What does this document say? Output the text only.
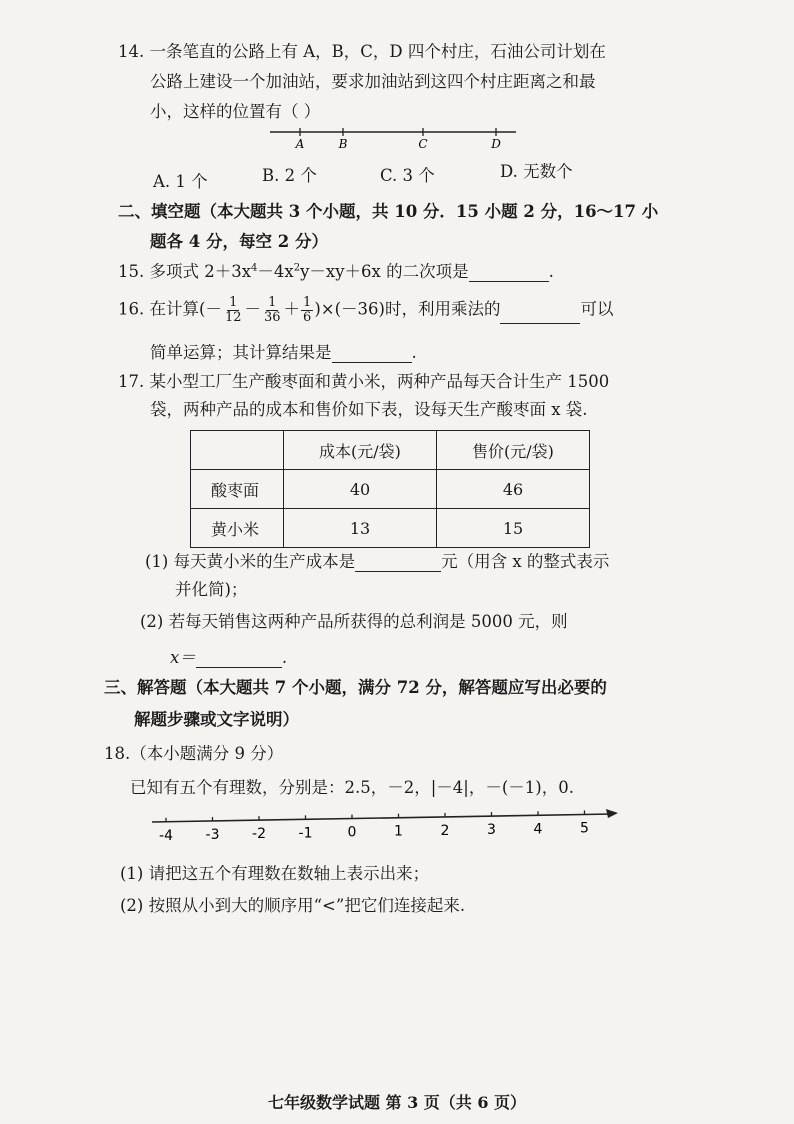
14. 一条笔直的公路上有 A，B，C，D 四个村庄，石油公司计划在
公路上建设一个加油站，要求加油站到这四个村庄距离之和最
小，这样的位置有（ ）
A	B	C	D
A. 1 个	B. 2 个	C. 3 个	D. 无数个
二、填空题（本大题共 3 个小题，共 10 分．15 小题 2 分，16～17 小
题各 4 分，每空 2 分）
15. 多项式 $2+3x^4-4x^2y-xy+6x$ 的二次项是	.
16. 在计算(－ $\frac{1}{12} - \frac{1}{36} + \frac{1}{6} )\times(-36)$时，利用乘法的	可以
简单运算；其计算结果是	.
17. 某小型工厂生产酸枣面和黄小米，两种产品每天合计生产 1500
袋，两种产品的成本和售价如下表，设每天生产酸枣面 x 袋.
	成本(元/袋)	售价(元/袋)
酸枣面	40	46
黄小米	13	15
(1) 每天黄小米的生产成本是	元（用含 x 的整式表示
并化简)；
(2) 若每天销售这两种产品所获得的总利润是 5000 元，则
x＝	.
三、解答题（本大题共 7 个小题，满分 72 分，解答题应写出必要的
解题步骤或文字说明）
18.（本小题满分 9 分）
已知有五个有理数，分别是：2.5，－2，|－4|，－(－1)，0.
-4 -3 -2 -1	0	1	2	3	4	5
(1) 请把这五个有理数在数轴上表示出来；
(2) 按照从小到大的顺序用“<”把它们连接起来.
七年级数学试题 第 3 页（共 6 页）
